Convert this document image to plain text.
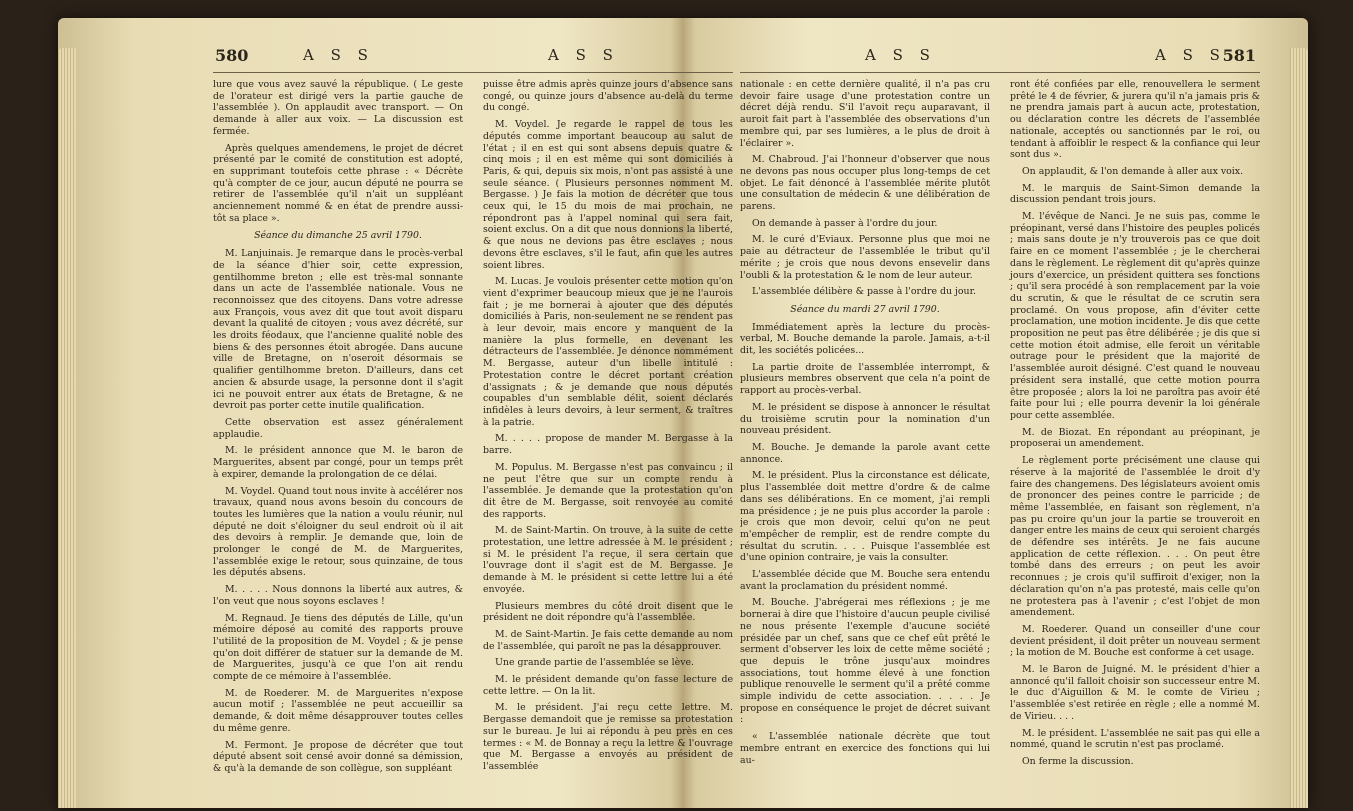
580	A S S	A S S

lure que vous avez sauvé la république. ( Le geste de l'orateur est dirigé vers la partie gauche de l'assemblée ). On applaudit avec transport. — On demande à aller aux voix. — La discussion est fermée.

Après quelques amendemens, le projet de décret présenté par le comité de constitution est adopté, en supprimant toutefois cette phrase : « Décrète qu'à compter de ce jour, aucun député ne pourra se retirer de l'assemblée qu'il n'ait un suppléant anciennement nommé & en état de prendre aussi-tôt sa place ».

Séance du dimanche 25 avril 1790.

M. Lanjuinais. Je remarque dans le procès-verbal de la séance d'hier soir, cette expression, gentilhomme breton ; elle est très-mal sonnante dans un acte de l'assemblée nationale. Vous ne reconnoissez que des citoyens. Dans votre adresse aux François, vous avez dit que tout avoit disparu devant la qualité de citoyen ; vous avez décrété, sur les droits féodaux, que l'ancienne qualité noble des biens & des personnes étoit abrogée. Dans aucune ville de Bretagne, on n'oseroit désormais se qualifier gentilhomme breton. D'ailleurs, dans cet ancien & absurde usage, la personne dont il s'agit ici ne pouvoit entrer aux états de Bretagne, & ne devroit pas porter cette inutile qualification.

Cette observation est assez généralement applaudie.

M. le président annonce que M. le baron de Marguerites, absent par congé, pour un temps prêt à expirer, demande la prolongation de ce délai.

M. Voydel. Quand tout nous invite à accélérer nos travaux, quand nous avons besoin du concours de toutes les lumières que la nation a voulu réunir, nul député ne doit s'éloigner du seul endroit où il ait des devoirs à remplir. Je demande que, loin de prolonger le congé de M. de Marguerites, l'assemblée exige le retour, sous quinzaine, de tous les députés absens.

M. . . . . Nous donnons la liberté aux autres, & l'on veut que nous soyons esclaves !

M. Regnaud. Je tiens des députés de Lille, qu'un mémoire déposé au comité des rapports prouve l'utilité de la proposition de M. Voydel ; & je pense qu'on doit différer de statuer sur la demande de M. de Marguerites, jusqu'à ce que l'on ait rendu compte de ce mémoire à l'assemblée.

M. de Roederer. M. de Marguerites n'expose aucun motif ; l'assemblée ne peut accueillir sa demande, & doit même désapprouver toutes celles du même genre.

M. Fermont. Je propose de décréter que tout député absent soit censé avoir donné sa démission, & qu'à la demande de son collègue, son suppléant

puisse être admis après quinze jours d'absence sans congé, ou quinze jours d'absence au-delà du terme du congé.

M. Voydel. Je regarde le rappel de tous les députés comme important beaucoup au salut de l'état ; il en est qui sont absens depuis quatre & cinq mois ; il en est même qui sont domiciliés à Paris, & qui, depuis six mois, n'ont pas assisté à une seule séance. ( Plusieurs personnes nomment M. Bergasse. ) Je fais la motion de décréter que tous ceux qui, le 15 du mois de mai prochain, ne répondront pas à l'appel nominal qui sera fait, soient exclus. On a dit que nous donnions la liberté, & que nous ne devions pas être esclaves ; nous devons être esclaves, s'il le faut, afin que les autres soient libres.

M. Lucas. Je voulois présenter cette motion qu'on vient d'exprimer beaucoup mieux que je ne l'aurois fait ; je me bornerai à ajouter que des députés domiciliés à Paris, non-seulement ne se rendent pas à leur devoir, mais encore y manquent de la manière la plus formelle, en devenant les détracteurs de l'assemblée. Je dénonce nommément M. Bergasse, auteur d'un libelle intitulé : Protestation contre le décret portant création d'assignats ; & je demande que nous députés coupables d'un semblable délit, soient déclarés infidèles à leurs devoirs, à leur serment, & traîtres à la patrie.

M. . . . . propose de mander M. Bergasse à la barre.

M. Populus. M. Bergasse n'est pas convaincu ; il ne peut l'être que sur un compte rendu à l'assemblée. Je demande que la protestation qu'on dit être de M. Bergasse, soit renvoyée au comité des rapports.

M. de Saint-Martin. On trouve, à la suite de cette protestation, une lettre adressée à M. le président ; si M. le président l'a reçue, il sera certain que l'ouvrage dont il s'agit est de M. Bergasse. Je demande à M. le président si cette lettre lui a été envoyée.

Plusieurs membres du côté droit disent que le président ne doit répondre qu'à l'assemblée.

M. de Saint-Martin. Je fais cette demande au nom de l'assemblée, qui paroît ne pas la désapprouver.

Une grande partie de l'assemblée se lève.

M. le président demande qu'on fasse lecture de cette lettre. — On la lit.

M. le président. J'ai reçu cette lettre. M. Bergasse demandoit que je remisse sa protestation sur le bureau. Je lui ai répondu à peu près en ces termes : « M. de Bonnay a reçu la lettre & l'ouvrage que M. Bergasse a envoyés au président de l'assemblée

A S S	A S S
581

nationale : en cette dernière qualité, il n'a pas cru devoir faire usage d'une protestation contre un décret déjà rendu. S'il l'avoit reçu auparavant, il auroit fait part à l'assemblée des observations d'un membre qui, par ses lumières, a le plus de droit à l'éclairer ».

M. Chabroud. J'ai l'honneur d'observer que nous ne devons pas nous occuper plus long-temps de cet objet. Le fait dénoncé à l'assemblée mérite plutôt une consultation de médecin & une délibération de parens.

On demande à passer à l'ordre du jour.

M. le curé d'Eviaux. Personne plus que moi ne paie au détracteur de l'assemblée le tribut qu'il mérite ; je crois que nous devons ensevelir dans l'oubli & la protestation & le nom de leur auteur.

L'assemblée délibère & passe à l'ordre du jour.

Séance du mardi 27 avril 1790.

Immédiatement après la lecture du procès-verbal, M. Bouche demande la parole. Jamais, a-t-il dit, les sociétés policées...

La partie droite de l'assemblée interrompt, & plusieurs membres observent que cela n'a point de rapport au procès-verbal.

M. le président se dispose à annoncer le résultat du troisième scrutin pour la nomination d'un nouveau président.

M. Bouche. Je demande la parole avant cette annonce.

M. le président. Plus la circonstance est délicate, plus l'assemblée doit mettre d'ordre & de calme dans ses délibérations. En ce moment, j'ai rempli ma présidence ; je ne puis plus accorder la parole : je crois que mon devoir, celui qu'on ne peut m'empêcher de remplir, est de rendre compte du résultat du scrutin. . . . Puisque l'assemblée est d'une opinion contraire, je vais la consulter.

L'assemblée décide que M. Bouche sera entendu avant la proclamation du président nommé.

M. Bouche. J'abrégerai mes réflexions ; je me bornerai à dire que l'histoire d'aucun peuple civilisé ne nous présente l'exemple d'aucune société présidée par un chef, sans que ce chef eût prêté le serment d'observer les loix de cette même société ; que depuis le trône jusqu'aux moindres associations, tout homme élevé à une fonction publique renouvelle le serment qu'il a prêté comme simple individu de cette association. . . . . Je propose en conséquence le projet de décret suivant :

« L'assemblée nationale décrète que tout membre entrant en exercice des fonctions qui lui au-

ront été confiées par elle, renouvellera le serment prêté le 4 de février, & jurera qu'il n'a jamais pris & ne prendra jamais part à aucun acte, protestation, ou déclaration contre les décrets de l'assemblée nationale, acceptés ou sanctionnés par le roi, ou tendant à affoiblir le respect & la confiance qui leur sont dus ».

On applaudit, & l'on demande à aller aux voix.

M. le marquis de Saint-Simon demande la discussion pendant trois jours.

M. l'évêque de Nanci. Je ne suis pas, comme le préopinant, versé dans l'histoire des peuples policés ; mais sans doute je n'y trouverois pas ce que doit faire en ce moment l'assemblée ; je le chercherai dans le règlement. Le règlement dit qu'après quinze jours d'exercice, un président quittera ses fonctions ; qu'il sera procédé à son remplacement par la voie du scrutin, & que le résultat de ce scrutin sera proclamé. On vous propose, afin d'éviter cette proclamation, une motion incidente. Je dis que cette proposition ne peut pas être délibérée ; je dis que si cette motion étoit admise, elle feroit un véritable outrage pour le président que la majorité de l'assemblée auroit désigné. C'est quand le nouveau président sera installé, que cette motion pourra être proposée ; alors la loi ne paroîtra pas avoir été faite pour lui ; elle pourra devenir la loi générale pour cette assemblée.

M. de Biozat. En répondant au préopinant, je proposerai un amendement.

Le règlement porte précisément une clause qui réserve à la majorité de l'assemblée le droit d'y faire des changemens. Des législateurs avoient omis de prononcer des peines contre le parricide ; de même l'assemblée, en faisant son règlement, n'a pas pu croire qu'un jour la partie se trouveroit en danger entre les mains de ceux qui seroient chargés de défendre ses intérêts. Je ne fais aucune application de cette réflexion. . . . On peut être tombé dans des erreurs ; on peut les avoir reconnues ; je crois qu'il suffiroit d'exiger, non la déclaration qu'on n'a pas protesté, mais celle qu'on ne protestera pas à l'avenir ; c'est l'objet de mon amendement.

M. Roederer. Quand un conseiller d'une cour devient président, il doit prêter un nouveau serment ; la motion de M. Bouche est conforme à cet usage.

M. le Baron de Juigné. M. le président d'hier a annoncé qu'il falloit choisir son successeur entre M. le duc d'Aiguillon & M. le comte de Virieu ; l'assemblée s'est retirée en règle ; elle a nommé M. de Virieu. . . .

M. le président. L'assemblée ne sait pas qui elle a nommé, quand le scrutin n'est pas proclamé.

On ferme la discussion.
